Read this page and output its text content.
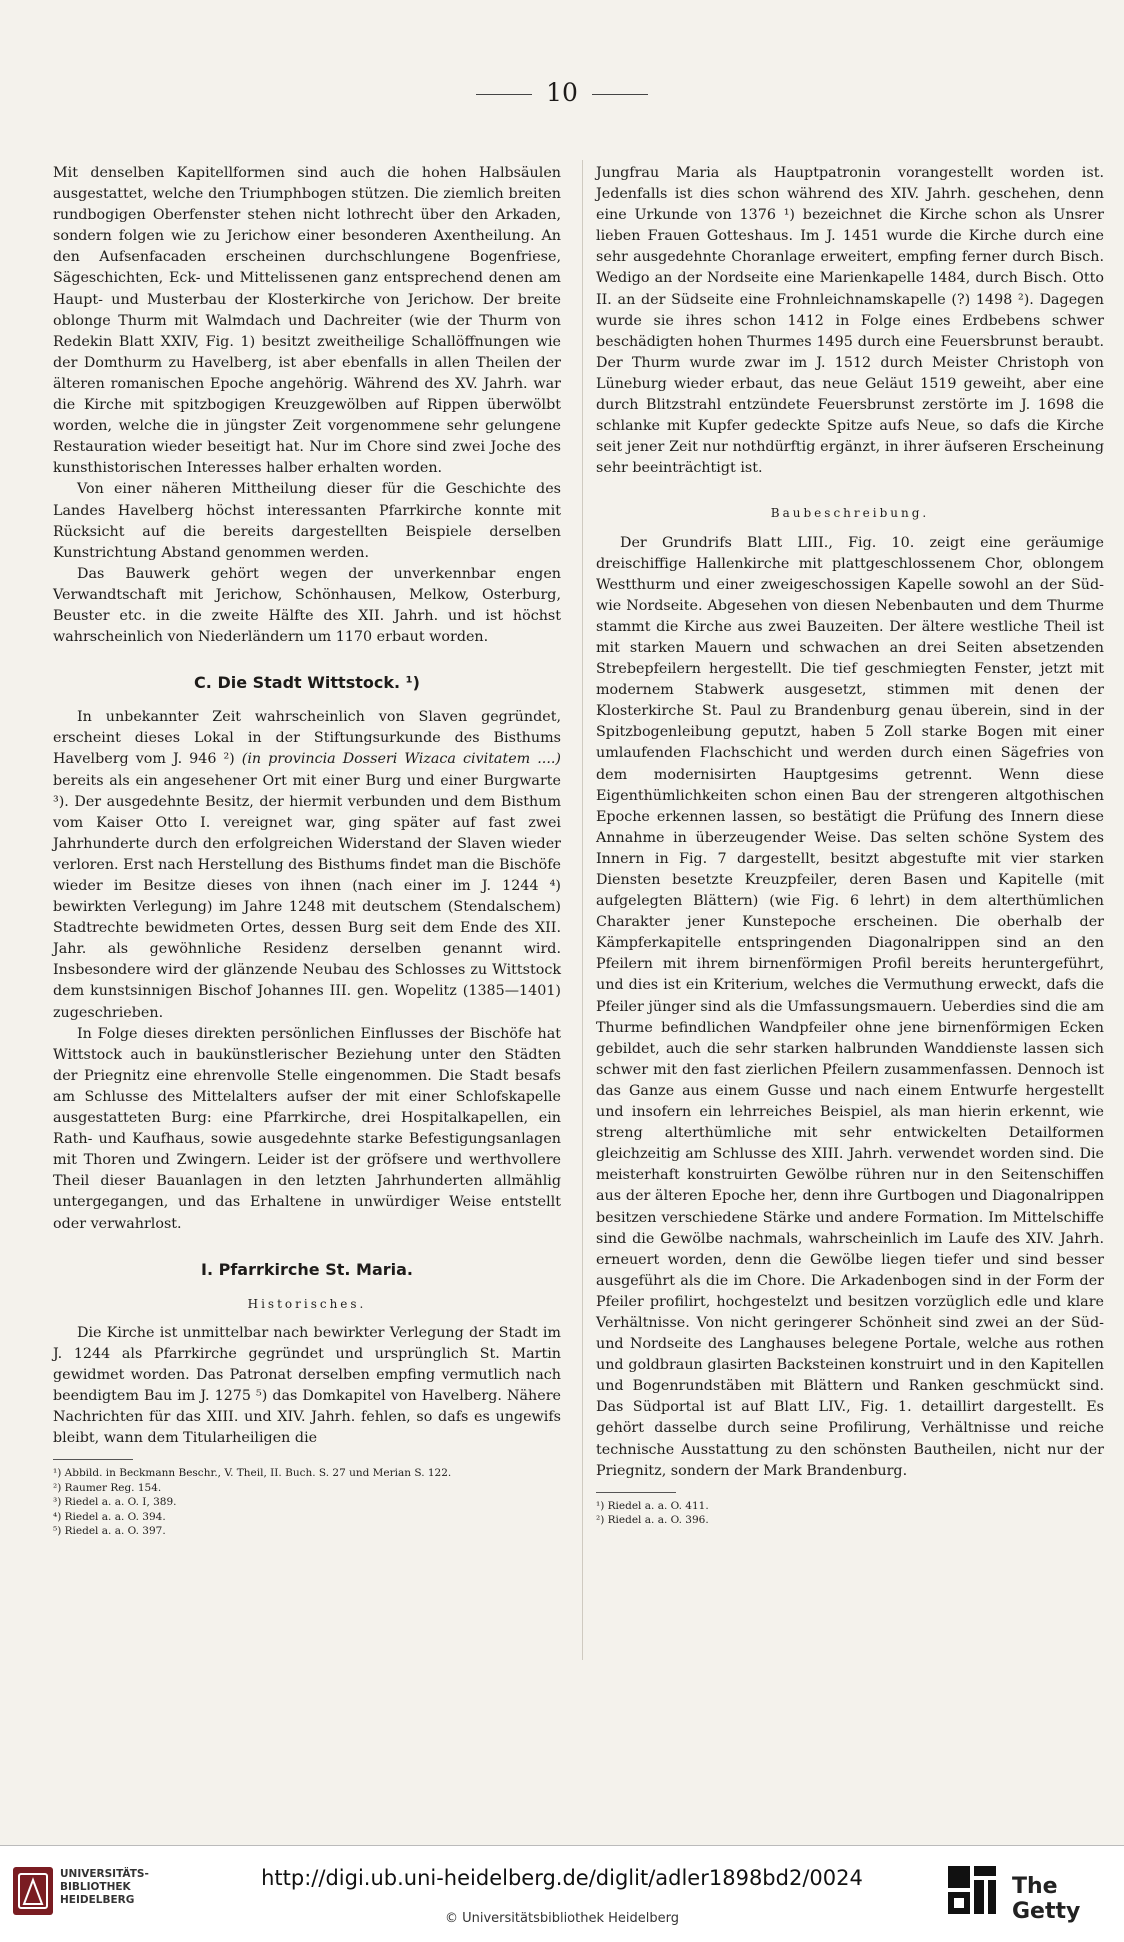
10

Mit denselben Kapitellformen sind auch die hohen Halbsäulen ausgestattet, welche den Triumphbogen stützen. Die ziemlich breiten rundbogigen Oberfenster stehen nicht lothrecht über den Arkaden, sondern folgen wie zu Jerichow einer besonderen Axentheilung. An den Aufsenfacaden erscheinen durchschlungene Bogenfriese, Sägeschichten, Eck- und Mittelissenen ganz entsprechend denen am Haupt- und Musterbau der Klosterkirche von Jerichow. Der breite oblonge Thurm mit Walmdach und Dachreiter (wie der Thurm von Redekin Blatt XXIV, Fig. 1) besitzt zweitheilige Schallöffnungen wie der Domthurm zu Havelberg, ist aber ebenfalls in allen Theilen der älteren romanischen Epoche angehörig. Während des XV. Jahrh. war die Kirche mit spitzbogigen Kreuzgewölben auf Rippen überwölbt worden, welche die in jüngster Zeit vorgenommene sehr gelungene Restauration wieder beseitigt hat. Nur im Chore sind zwei Joche des kunsthistorischen Interesses halber erhalten worden.

Von einer näheren Mittheilung dieser für die Geschichte des Landes Havelberg höchst interessanten Pfarrkirche konnte mit Rücksicht auf die bereits dargestellten Beispiele derselben Kunstrichtung Abstand genommen werden.

Das Bauwerk gehört wegen der unverkennbar engen Verwandtschaft mit Jerichow, Schönhausen, Melkow, Osterburg, Beuster etc. in die zweite Hälfte des XII. Jahrh. und ist höchst wahrscheinlich von Niederländern um 1170 erbaut worden.

C. Die Stadt Wittstock. ¹)

In unbekannter Zeit wahrscheinlich von Slaven gegründet, erscheint dieses Lokal in der Stiftungsurkunde des Bisthums Havelberg vom J. 946 ²) (in provincia Dosseri Wizaca civitatem ....) bereits als ein angesehener Ort mit einer Burg und einer Burgwarte ³). Der ausgedehnte Besitz, der hiermit verbunden und dem Bisthum vom Kaiser Otto I. vereignet war, ging später auf fast zwei Jahrhunderte durch den erfolgreichen Widerstand der Slaven wieder verloren. Erst nach Herstellung des Bisthums findet man die Bischöfe wieder im Besitze dieses von ihnen (nach einer im J. 1244 ⁴) bewirkten Verlegung) im Jahre 1248 mit deutschem (Stendalschem) Stadtrechte bewidmeten Ortes, dessen Burg seit dem Ende des XII. Jahr. als gewöhnliche Residenz derselben genannt wird. Insbesondere wird der glänzende Neubau des Schlosses zu Wittstock dem kunstsinnigen Bischof Johannes III. gen. Wopelitz (1385—1401) zugeschrieben.

In Folge dieses direkten persönlichen Einflusses der Bischöfe hat Wittstock auch in baukünstlerischer Beziehung unter den Städten der Priegnitz eine ehrenvolle Stelle eingenommen. Die Stadt besafs am Schlusse des Mittelalters aufser der mit einer Schlofskapelle ausgestatteten Burg: eine Pfarrkirche, drei Hospitalkapellen, ein Rath- und Kaufhaus, sowie ausgedehnte starke Befestigungsanlagen mit Thoren und Zwingern. Leider ist der gröfsere und werthvollere Theil dieser Bauanlagen in den letzten Jahrhunderten allmählig untergegangen, und das Erhaltene in unwürdiger Weise entstellt oder verwahrlost.

I. Pfarrkirche St. Maria.
Historisches.

Die Kirche ist unmittelbar nach bewirkter Verlegung der Stadt im J. 1244 als Pfarrkirche gegründet und ursprünglich St. Martin gewidmet worden. Das Patronat derselben empfing vermutlich nach beendigtem Bau im J. 1275 ⁵) das Domkapitel von Havelberg. Nähere Nachrichten für das XIII. und XIV. Jahrh. fehlen, so dafs es ungewifs bleibt, wann dem Titularheiligen die

¹) Abbild. in Beckmann Beschr., V. Theil, II. Buch. S. 27 und Merian S. 122.
²) Raumer Reg. 154.
³) Riedel a. a. O. I, 389.
⁴) Riedel a. a. O. 394.
⁵) Riedel a. a. O. 397.

Jungfrau Maria als Hauptpatronin vorangestellt worden ist. Jedenfalls ist dies schon während des XIV. Jahrh. geschehen, denn eine Urkunde von 1376 ¹) bezeichnet die Kirche schon als Unsrer lieben Frauen Gotteshaus. Im J. 1451 wurde die Kirche durch eine sehr ausgedehnte Choranlage erweitert, empfing ferner durch Bisch. Wedigo an der Nordseite eine Marienkapelle 1484, durch Bisch. Otto II. an der Südseite eine Frohnleichnamskapelle (?) 1498 ²). Dagegen wurde sie ihres schon 1412 in Folge eines Erdbebens schwer beschädigten hohen Thurmes 1495 durch eine Feuersbrunst beraubt. Der Thurm wurde zwar im J. 1512 durch Meister Christoph von Lüneburg wieder erbaut, das neue Geläut 1519 geweiht, aber eine durch Blitzstrahl entzündete Feuersbrunst zerstörte im J. 1698 die schlanke mit Kupfer gedeckte Spitze aufs Neue, so dafs die Kirche seit jener Zeit nur nothdürftig ergänzt, in ihrer äufseren Erscheinung sehr beeinträchtigt ist.

Baubeschreibung.

Der Grundrifs Blatt LIII., Fig. 10. zeigt eine geräumige dreischiffige Hallenkirche mit plattgeschlossenem Chor, oblongem Westthurm und einer zweigeschossigen Kapelle sowohl an der Süd- wie Nordseite. Abgesehen von diesen Nebenbauten und dem Thurme stammt die Kirche aus zwei Bauzeiten. Der ältere westliche Theil ist mit starken Mauern und schwachen an drei Seiten absetzenden Strebepfeilern hergestellt. Die tief geschmiegten Fenster, jetzt mit modernem Stabwerk ausgesetzt, stimmen mit denen der Klosterkirche St. Paul zu Brandenburg genau überein, sind in der Spitzbogenleibung geputzt, haben 5 Zoll starke Bogen mit einer umlaufenden Flachschicht und werden durch einen Sägefries von dem modernisirten Hauptgesims getrennt. Wenn diese Eigenthümlichkeiten schon einen Bau der strengeren altgothischen Epoche erkennen lassen, so bestätigt die Prüfung des Innern diese Annahme in überzeugender Weise. Das selten schöne System des Innern in Fig. 7 dargestellt, besitzt abgestufte mit vier starken Diensten besetzte Kreuzpfeiler, deren Basen und Kapitelle (mit aufgelegten Blättern) (wie Fig. 6 lehrt) in dem alterthümlichen Charakter jener Kunstepoche erscheinen. Die oberhalb der Kämpferkapitelle entspringenden Diagonalrippen sind an den Pfeilern mit ihrem birnenförmigen Profil bereits heruntergeführt, und dies ist ein Kriterium, welches die Vermuthung erweckt, dafs die Pfeiler jünger sind als die Umfassungsmauern. Ueberdies sind die am Thurme befindlichen Wandpfeiler ohne jene birnenförmigen Ecken gebildet, auch die sehr starken halbrunden Wanddienste lassen sich schwer mit den fast zierlichen Pfeilern zusammenfassen. Dennoch ist das Ganze aus einem Gusse und nach einem Entwurfe hergestellt und insofern ein lehrreiches Beispiel, als man hierin erkennt, wie streng alterthümliche mit sehr entwickelten Detailformen gleichzeitig am Schlusse des XIII. Jahrh. verwendet worden sind. Die meisterhaft konstruirten Gewölbe rühren nur in den Seitenschiffen aus der älteren Epoche her, denn ihre Gurtbogen und Diagonalrippen besitzen verschiedene Stärke und andere Formation. Im Mittelschiffe sind die Gewölbe nachmals, wahrscheinlich im Laufe des XIV. Jahrh. erneuert worden, denn die Gewölbe liegen tiefer und sind besser ausgeführt als die im Chore. Die Arkadenbogen sind in der Form der Pfeiler profilirt, hochgestelzt und besitzen vorzüglich edle und klare Verhältnisse. Von nicht geringerer Schönheit sind zwei an der Süd- und Nordseite des Langhauses belegene Portale, welche aus rothen und goldbraun glasirten Backsteinen konstruirt und in den Kapitellen und Bogenrundstäben mit Blättern und Ranken geschmückt sind. Das Südportal ist auf Blatt LIV., Fig. 1. detaillirt dargestellt. Es gehört dasselbe durch seine Profilirung, Verhältnisse und reiche technische Ausstattung zu den schönsten Bautheilen, nicht nur der Priegnitz, sondern der Mark Brandenburg.

¹) Riedel a. a. O. 411.
²) Riedel a. a. O. 396.
UNIVERSITÄTS-
BIBLIOTHEK
HEIDELBERG
http://digi.ub.uni-heidelberg.de/diglit/adler1898bd2/0024
© Universitätsbibliothek Heidelberg
The Getty
